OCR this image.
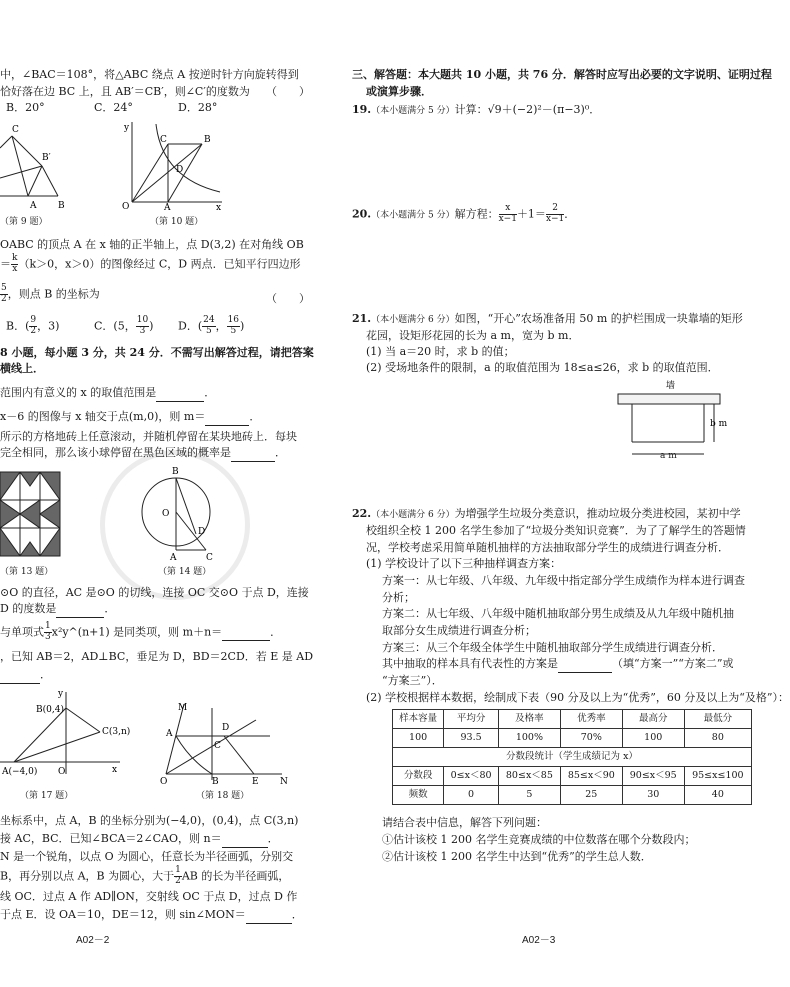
中，∠BAC＝108°，将△ABC 绕点 A 按逆时针方向旋转得到
恰好落在边 BC 上，且 AB′＝CB′，则∠C′的度数为 （　　）
B．20°	C．24°	D．28°
C
B′
A B
（第 9 题）
y
C	B
D
O	A	x
（第 10 题）
OABC 的顶点 A 在 x 轴的正半轴上，点 D(3,2) 在对角线 OB
＝ $\frac{k}{x} (k>0$，x＞0）的图像经过 C，D 两点．已知平行四边形
$\frac{5}{2}$ ，则点 B 的坐标为	（　　）
B．( $\frac{9}{2}$ ，3)	C．(5， $\frac{10}{3}$ ) D．( $\frac{24}{5}$ ， $\frac{16}{5}$ )
8 小题，每小题 3 分，共 24 分．不需写出解答过程，请把答案
横线上．
范围内有意义的 x 的取值范围是	．
x－6 的图像与 x 轴交于点(m,0)，则 m＝	．
所示的方格地砖上任意滚动，并随机停留在某块地砖上．每块
完全相同，那么该小球停留在黑色区域的概率是	．
（第 13 题）
B
O
D
A	C
（第 14 题）
⊙O 的直径，AC 是⊙O 的切线，连接 OC 交⊙O 于点 D，连接
D 的度数是	．
与单项式 $\frac{1}{3}$ x²y^(n+1) 是同类项，则 m＋n＝	．
，已知 AB＝2，AD⊥BC，垂足为 D，BD＝2CD．若 E 是 AD
．
y
B(0,4)
C(3,n)
A(−4,0) O	x
（第 17 题）
M
D
A
C
O	B	E N
（第 18 题）
坐标系中，点 A，B 的坐标分别为(−4,0)，(0,4)，点 C(3,n)
接 AC，BC．已知∠BCA＝2∠CAO，则 n＝	．
N 是一个锐角，以点 O 为圆心，任意长为半径画弧，分别交
B，再分别以点 A，B 为圆心，大于 $\frac{1}{2}$ AB 的长为半径画弧，
线 OC．过点 A 作 AD∥ON，交射线 OC 于点 D，过点 D 作
于点 E．设 OA＝10，DE＝12，则 sin∠MON＝	．
A02－2
三、解答题：本大题共 10 小题，共 76 分．解答时应写出必要的文字说明、证明过程
或演算步骤．
19.（本小题满分 5 分）计算：√9＋(−2)²－(π−3)⁰．
20.（本小题满分 5 分）解方程： $\frac{x}{x-1} +1= \frac{2}{x-1}$ ．
21.（本小题满分 6 分）如图，“开心”农场准备用 50 m 的护栏围成一块靠墙的矩形
花园，设矩形花园的长为 a m，宽为 b m．
(1) 当 a＝20 时，求 b 的值；
(2) 受场地条件的限制，a 的取值范围为 18≤a≤26，求 b 的取值范围．
墙
b m
a m
22.（本小题满分 6 分）为增强学生垃圾分类意识，推动垃圾分类进校园，某初中学
校组织全校 1 200 名学生参加了“垃圾分类知识竞赛”．为了了解学生的答题情
况，学校考虑采用简单随机抽样的方法抽取部分学生的成绩进行调查分析．
(1) 学校设计了以下三种抽样调查方案：
方案一：从七年级、八年级、九年级中指定部分学生成绩作为样本进行调查
分析；
方案二：从七年级、八年级中随机抽取部分男生成绩及从九年级中随机抽
取部分女生成绩进行调查分析；
方案三：从三个年级全体学生中随机抽取部分学生成绩进行调查分析．
其中抽取的样本具有代表性的方案是	（填“方案一”“方案二”或
“方案三”）．
(2) 学校根据样本数据，绘制成下表（90 分及以上为“优秀”，60 分及以上为“及格”）：
样本容量	平均分	及格率	优秀率	最高分	最低分
100	93.5	100%	70%	100	80
分数段统计（学生成绩记为 x）					
分数段	0≤x＜80	80≤x＜85	85≤x＜90	90≤x＜95	95≤x≤100
频数	0	5	25	30	40
请结合表中信息，解答下列问题：
①估计该校 1 200 名学生竞赛成绩的中位数落在哪个分数段内；
②估计该校 1 200 名学生中达到“优秀”的学生总人数．
A02－3
